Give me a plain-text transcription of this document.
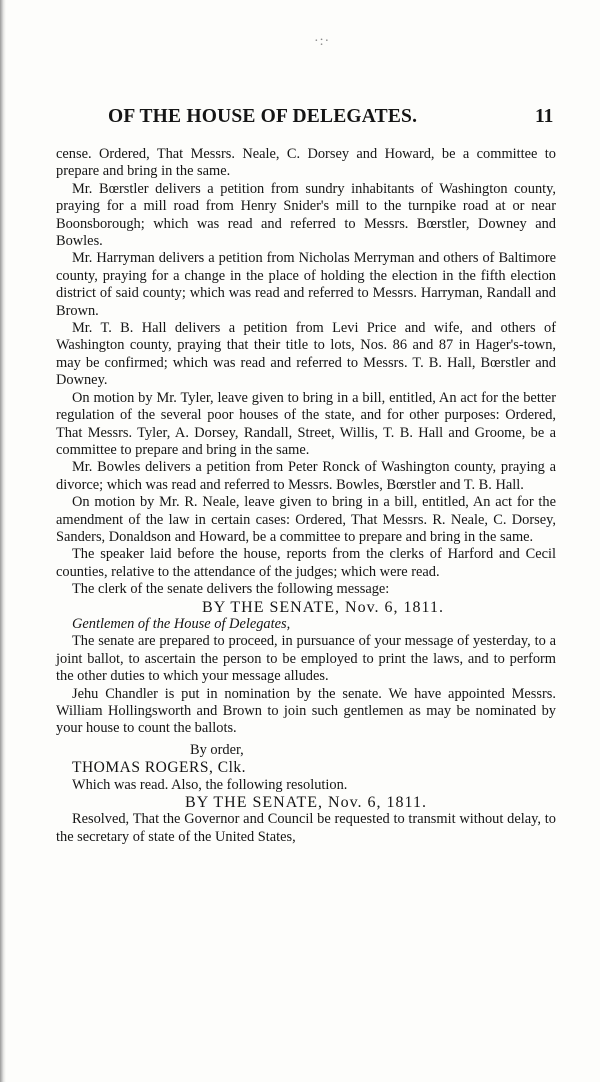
·:·
OF THE HOUSE OF DELEGATES.	11

cense. Ordered, That Messrs. Neale, C. Dorsey and Howard, be a committee to prepare and bring in the same.

Mr. Bœrstler delivers a petition from sundry inhabitants of Washington county, praying for a mill road from Henry Snider's mill to the turnpike road at or near Boonsborough; which was read and referred to Messrs. Bœrstler, Downey and Bowles.

Mr. Harryman delivers a petition from Nicholas Merryman and others of Baltimore county, praying for a change in the place of holding the election in the fifth election district of said county; which was read and referred to Messrs. Harryman, Randall and Brown.

Mr. T. B. Hall delivers a petition from Levi Price and wife, and others of Washington county, praying that their title to lots, Nos. 86 and 87 in Hager's-town, may be confirmed; which was read and referred to Messrs. T. B. Hall, Bœrstler and Downey.

On motion by Mr. Tyler, leave given to bring in a bill, entitled, An act for the better regulation of the several poor houses of the state, and for other purposes: Ordered, That Messrs. Tyler, A. Dorsey, Randall, Street, Willis, T. B. Hall and Groome, be a committee to prepare and bring in the same.

Mr. Bowles delivers a petition from Peter Ronck of Washington county, praying a divorce; which was read and referred to Messrs. Bowles, Bœrstler and T. B. Hall.

On motion by Mr. R. Neale, leave given to bring in a bill, entitled, An act for the amendment of the law in certain cases: Ordered, That Messrs. R. Neale, C. Dorsey, Sanders, Donaldson and Howard, be a committee to prepare and bring in the same.

The speaker laid before the house, reports from the clerks of Harford and Cecil counties, relative to the attendance of the judges; which were read.

The clerk of the senate delivers the following message:

BY THE SENATE, Nov. 6, 1811.

Gentlemen of the House of Delegates,

The senate are prepared to proceed, in pursuance of your message of yesterday, to a joint ballot, to ascertain the person to be employed to print the laws, and to perform the other duties to which your message alludes.

Jehu Chandler is put in nomination by the senate. We have appointed Messrs. William Hollingsworth and Brown to join such gentlemen as may be nominated by your house to count the ballots.

By order,

THOMAS ROGERS, Clk.

Which was read. Also, the following resolution.

BY THE SENATE, Nov. 6, 1811.

Resolved, That the Governor and Council be requested to transmit without delay, to the secretary of state of the United States,
